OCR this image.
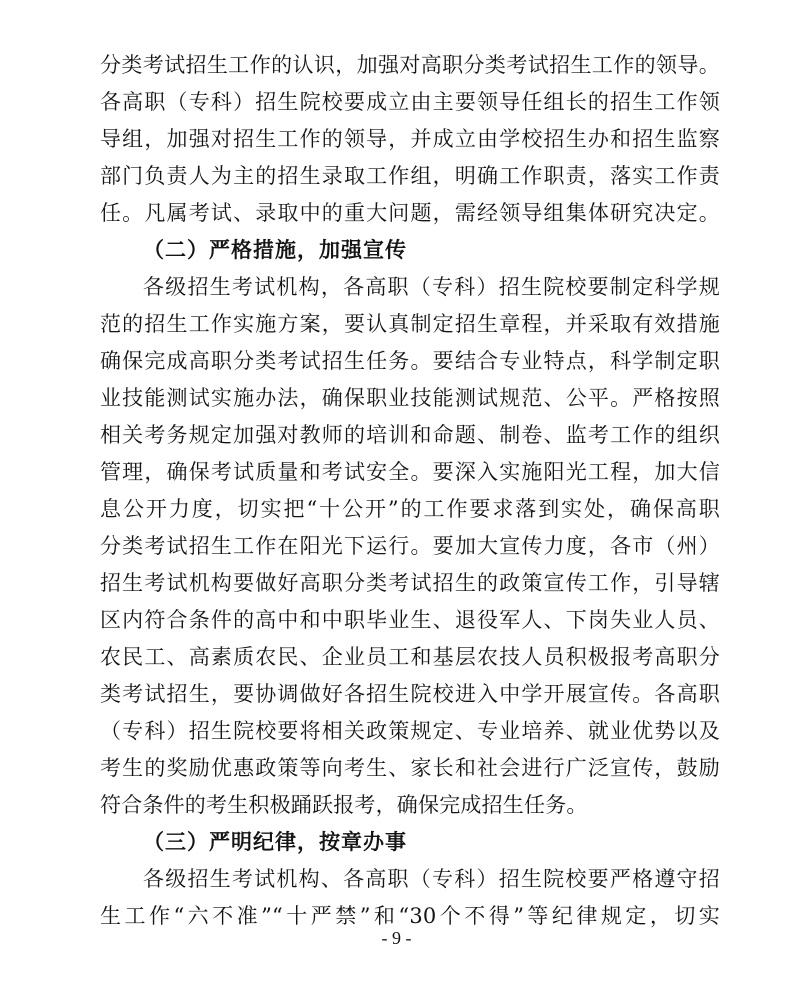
分类考试招生工作的认识，加强对高职分类考试招生工作的领导。
各高职（专科）招生院校要成立由主要领导任组长的招生工作领
导组，加强对招生工作的领导，并成立由学校招生办和招生监察
部门负责人为主的招生录取工作组，明确工作职责，落实工作责
任。凡属考试、录取中的重大问题，需经领导组集体研究决定。
（二）严格措施，加强宣传
各级招生考试机构，各高职（专科）招生院校要制定科学规
范的招生工作实施方案，要认真制定招生章程，并采取有效措施
确保完成高职分类考试招生任务。要结合专业特点，科学制定职
业技能测试实施办法，确保职业技能测试规范、公平。严格按照
相关考务规定加强对教师的培训和命题、制卷、监考工作的组织
管理，确保考试质量和考试安全。要深入实施阳光工程，加大信
息公开力度，切实把“十公开”的工作要求落到实处，确保高职
分类考试招生工作在阳光下运行。要加大宣传力度，各市（州）
招生考试机构要做好高职分类考试招生的政策宣传工作，引导辖
区内符合条件的高中和中职毕业生、退役军人、下岗失业人员、
农民工、高素质农民、企业员工和基层农技人员积极报考高职分
类考试招生，要协调做好各招生院校进入中学开展宣传。各高职
（专科）招生院校要将相关政策规定、专业培养、就业优势以及
考生的奖励优惠政策等向考生、家长和社会进行广泛宣传，鼓励
符合条件的考生积极踊跃报考，确保完成招生任务。
（三）严明纪律，按章办事
各级招生考试机构、各高职（专科）招生院校要严格遵守招
生工作“六不准”“十严禁”和“30个不得”等纪律规定，切实
- 9 -
